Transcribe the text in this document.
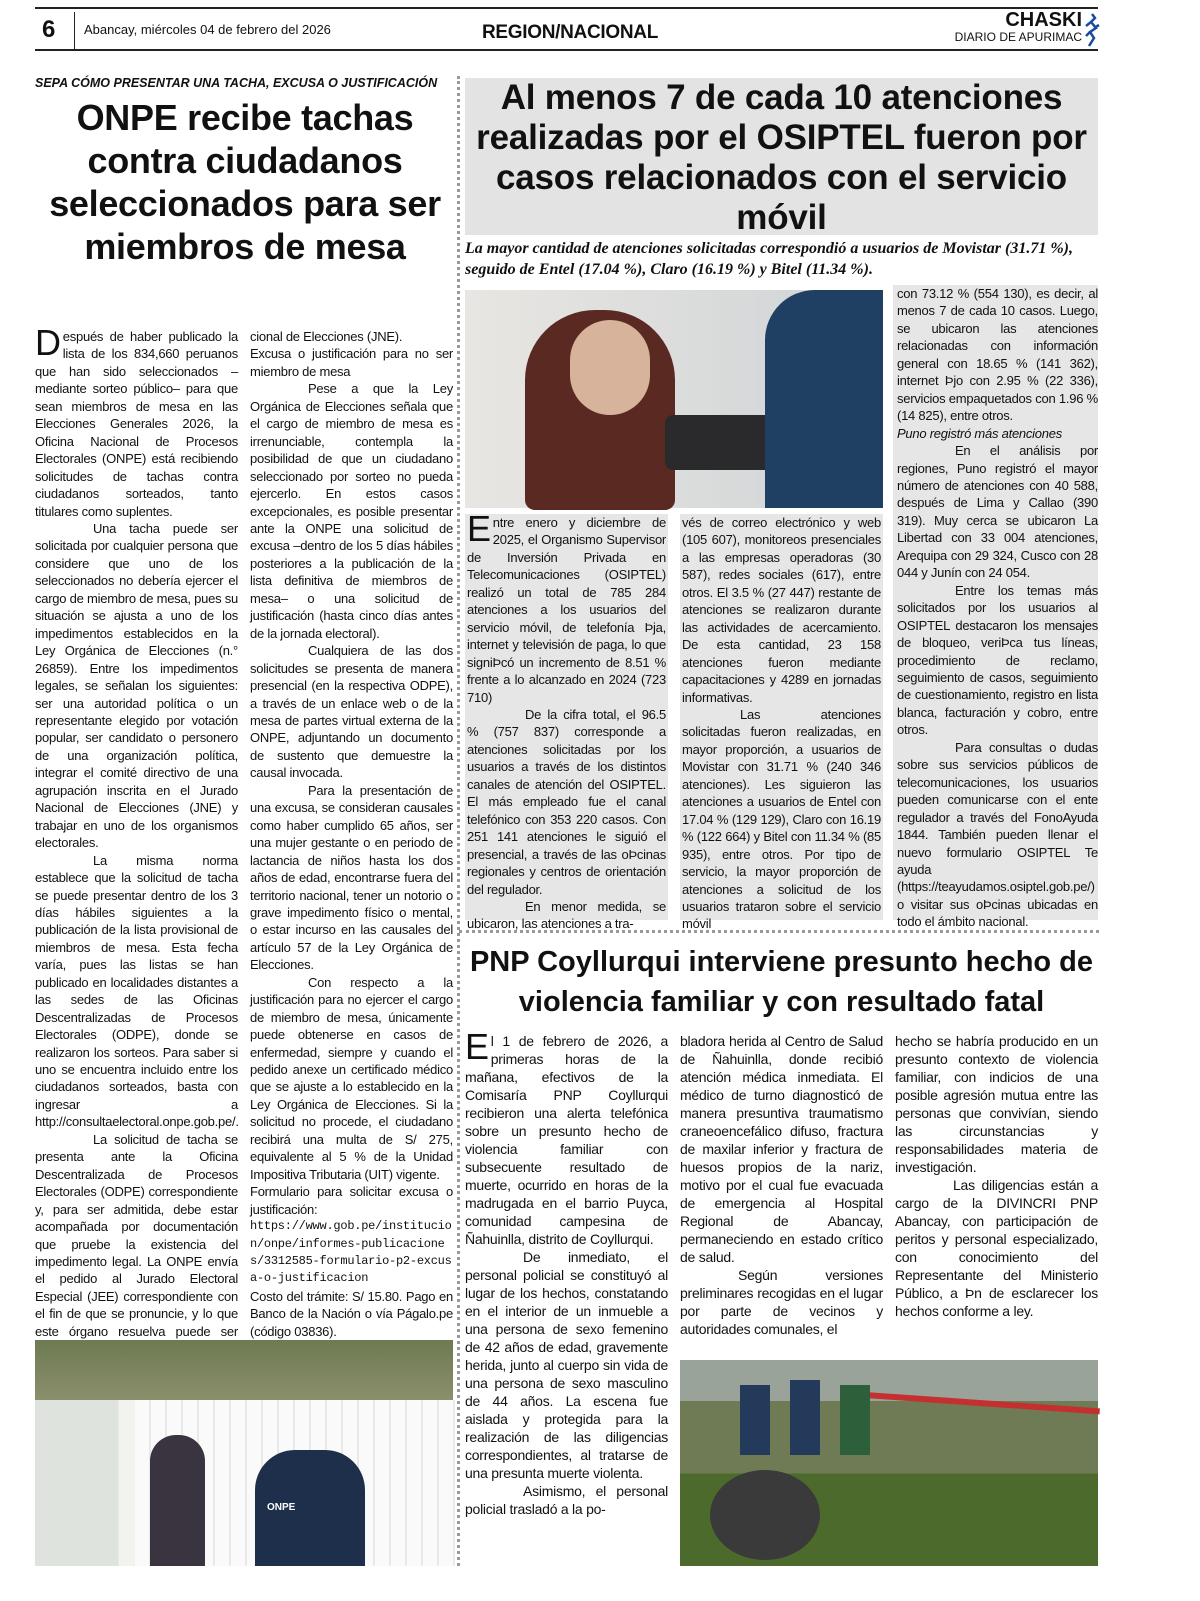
6 Abancay, miércoles 04 de febrero del 2026	REGION/NACIONAL
CHASKI
DIARIO DE APURIMAC
SEPA CÓMO PRESENTAR UNA TACHA, EXCUSA O JUSTIFICACIÓN
ONPE recibe tachas contra ciudadanos seleccionados para ser miembros de mesa

Después de haber publicado la lista de los 834,660 peruanos que han sido seleccionados –mediante sorteo público– para que sean miembros de mesa en las Elecciones Generales 2026, la Oficina Nacional de Procesos Electorales (ONPE) está recibiendo solicitudes de tachas contra ciudadanos sorteados, tanto titulares como suplentes.

Una tacha puede ser solicitada por cualquier persona que considere que uno de los seleccionados no debería ejercer el cargo de miembro de mesa, pues su situación se ajusta a uno de los impedimentos establecidos en la Ley Orgánica de Elecciones (n.° 26859). Entre los impedimentos legales, se señalan los siguientes: ser una autoridad política o un representante elegido por votación popular, ser candidato o personero de una organización política, integrar el comité directivo de una agrupación inscrita en el Jurado Nacional de Elecciones (JNE) y trabajar en uno de los organismos electorales.

La misma norma establece que la solicitud de tacha se puede presentar dentro de los 3 días hábiles siguientes a la publicación de la lista provisional de miembros de mesa. Esta fecha varía, pues las listas se han publicado en localidades distantes a las sedes de las Oficinas Descentralizadas de Procesos Electorales (ODPE), donde se realizaron los sorteos. Para saber si uno se encuentra incluido entre los ciudadanos sorteados, basta con ingresar a http://consultaelectoral.onpe.gob.pe/.

La solicitud de tacha se presenta ante la Oficina Descentralizada de Procesos Electorales (ODPE) correspondiente y, para ser admitida, debe estar acompañada por documentación que pruebe la existencia del impedimento legal. La ONPE envía el pedido al Jurado Electoral Especial (JEE) correspondiente con el fin de que se pronuncie, y lo que este órgano resuelva puede ser

cional de Elecciones (JNE).

Excusa o justificación para no ser miembro de mesa

Pese a que la Ley Orgánica de Elecciones señala que el cargo de miembro de mesa es irrenunciable, contempla la posibilidad de que un ciudadano seleccionado por sorteo no pueda ejercerlo. En estos casos excepcionales, es posible presentar ante la ONPE una solicitud de excusa –dentro de los 5 días hábiles posteriores a la publicación de la lista definitiva de miembros de mesa– o una solicitud de justificación (hasta cinco días antes de la jornada electoral).

Cualquiera de las dos solicitudes se presenta de manera presencial (en la respectiva ODPE), a través de un enlace web o de la mesa de partes virtual externa de la ONPE, adjuntando un documento de sustento que demuestre la causal invocada.

Para la presentación de una excusa, se consideran causales como haber cumplido 65 años, ser una mujer gestante o en periodo de lactancia de niños hasta los dos años de edad, encontrarse fuera del territorio nacional, tener un notorio o grave impedimento físico o mental, o estar incurso en las causales del artículo 57 de la Ley Orgánica de Elecciones.

Con respecto a la justificación para no ejercer el cargo de miembro de mesa, únicamente puede obtenerse en casos de enfermedad, siempre y cuando el pedido anexe un certificado médico que se ajuste a lo establecido en la Ley Orgánica de Elecciones. Si la solicitud no procede, el ciudadano recibirá una multa de S/ 275, equivalente al 5 % de la Unidad Impositiva Tributaria (UIT) vigente.

Formulario para solicitar excusa o justificación:

https://www.gob.pe/institucion/onpe/informes-publicaciones/3312585-formulario-p2-excusa-o-justificacion

Costo del trámite: S/ 15.80. Pago en Banco de la Nación o vía Págalo.pe (código 03836).

ONPE
Al menos 7 de cada 10 atenciones realizadas por el OSIPTEL fueron por casos relacionados con el servicio móvil
La mayor cantidad de atenciones solicitadas correspondió a usuarios de Movistar (31.71 %), seguido de Entel (17.04 %), Claro (16.19 %) y Bitel (11.34 %).

con 73.12 % (554 130), es decir, al menos 7 de cada 10 casos. Luego, se ubicaron las atenciones relacionadas con información general con 18.65 % (141 362), internet Þjo con 2.95 % (22 336), servicios empaquetados con 1.96 % (14 825), entre otros.

Puno registró más atenciones

En el análisis por regiones, Puno registró el mayor número de atenciones con 40 588, después de Lima y Callao (390 319). Muy cerca se ubicaron La Libertad con 33 004 atenciones, Arequipa con 29 324, Cusco con 28 044 y Junín con 24 054.

Entre los temas más solicitados por los usuarios al OSIPTEL destacaron los mensajes de bloqueo, veriÞca tus líneas, procedimiento de reclamo, seguimiento de casos, seguimiento de cuestionamiento, registro en lista blanca, facturación y cobro, entre otros.

Para consultas o dudas sobre sus servicios públicos de telecomunicaciones, los usuarios pueden comunicarse con el ente regulador a través del FonoAyuda 1844. También pueden llenar el nuevo formulario OSIPTEL Te ayuda (https://teayudamos.osiptel.gob.pe/) o visitar sus oÞcinas ubicadas en todo el ámbito nacional.

Entre enero y diciembre de 2025, el Organismo Supervisor de Inversión Privada en Telecomunicaciones (OSIPTEL) realizó un total de 785 284 atenciones a los usuarios del servicio móvil, de telefonía Þja, internet y televisión de paga, lo que signiÞcó un incremento de 8.51 % frente a lo alcanzado en 2024 (723 710)

De la cifra total, el 96.5 % (757 837) corresponde a atenciones solicitadas por los usuarios a través de los distintos canales de atención del OSIPTEL. El más empleado fue el canal telefónico con 353 220 casos. Con 251 141 atenciones le siguió el presencial, a través de las oÞcinas regionales y centros de orientación del regulador.

En menor medida, se ubicaron, las atenciones a tra-

vés de correo electrónico y web (105 607), monitoreos presenciales a las empresas operadoras (30 587), redes sociales (617), entre otros. El 3.5 % (27 447) restante de atenciones se realizaron durante las actividades de acercamiento. De esta cantidad, 23 158 atenciones fueron mediante capacitaciones y 4289 en jornadas informativas.

Las atenciones solicitadas fueron realizadas, en mayor proporción, a usuarios de Movistar con 31.71 % (240 346 atenciones). Les siguieron las atenciones a usuarios de Entel con 17.04 % (129 129), Claro con 16.19 % (122 664) y Bitel con 11.34 % (85 935), entre otros. Por tipo de servicio, la mayor proporción de atenciones a solicitud de los usuarios trataron sobre el servicio móvil

PNP Coyllurqui interviene presunto hecho de violencia familiar y con resultado fatal

El 1 de febrero de 2026, a primeras horas de la mañana, efectivos de la Comisaría PNP Coyllurqui recibieron una alerta telefónica sobre un presunto hecho de violencia familiar con subsecuente resultado de muerte, ocurrido en horas de la madrugada en el barrio Puyca, comunidad campesina de Ñahuinlla, distrito de Coyllurqui.

De inmediato, el personal policial se constituyó al lugar de los hechos, constatando en el interior de un inmueble a una persona de sexo femenino de 42 años de edad, gravemente herida, junto al cuerpo sin vida de una persona de sexo masculino de 44 años. La escena fue aislada y protegida para la realización de las diligencias correspondientes, al tratarse de una presunta muerte violenta.

Asimismo, el personal policial trasladó a la po-

bladora herida al Centro de Salud de Ñahuinlla, donde recibió atención médica inmediata. El médico de turno diagnosticó de manera presuntiva traumatismo craneoencefálico difuso, fractura de maxilar inferior y fractura de huesos propios de la nariz, motivo por el cual fue evacuada de emergencia al Hospital Regional de Abancay, permaneciendo en estado crítico de salud.

Según versiones preliminares recogidas en el lugar por parte de vecinos y autoridades comunales, el

hecho se habría producido en un presunto contexto de violencia familiar, con indicios de una posible agresión mutua entre las personas que convivían, siendo las circunstancias y responsabilidades materia de investigación.

Las diligencias están a cargo de la DIVINCRI PNP Abancay, con participación de peritos y personal especializado, con conocimiento del Representante del Ministerio Público, a Þn de esclarecer los hechos conforme a ley.
